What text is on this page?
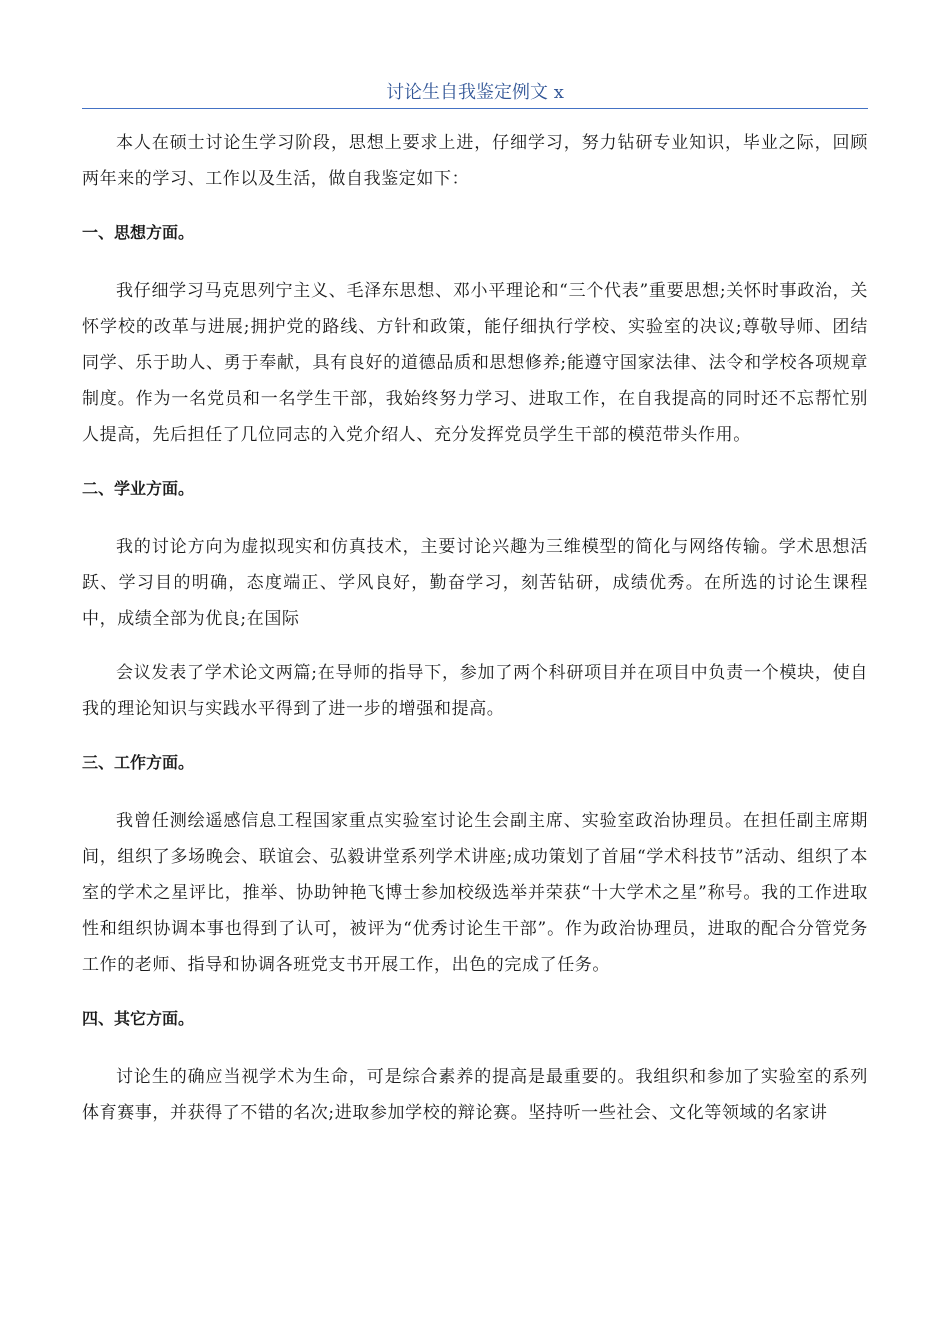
讨论生自我鉴定例文 x

本人在硕士讨论生学习阶段，思想上要求上进，仔细学习，努力钻研专业知识，毕业之际，回顾两年来的学习、工作以及生活，做自我鉴定如下：

一、思想方面。

我仔细学习马克思列宁主义、毛泽东思想、邓小平理论和“三个代表”重要思想;关怀时事政治，关怀学校的改革与进展;拥护党的路线、方针和政策，能仔细执行学校、实验室的决议;尊敬导师、团结同学、乐于助人、勇于奉献，具有良好的道德品质和思想修养;能遵守国家法律、法令和学校各项规章制度。作为一名党员和一名学生干部，我始终努力学习、进取工作，在自我提高的同时还不忘帮忙别人提高，先后担任了几位同志的入党介绍人、充分发挥党员学生干部的模范带头作用。

二、学业方面。

我的讨论方向为虚拟现实和仿真技术，主要讨论兴趣为三维模型的简化与网络传输。学术思想活跃、学习目的明确，态度端正、学风良好，勤奋学习，刻苦钻研，成绩优秀。在所选的讨论生课程中，成绩全部为优良;在国际

会议发表了学术论文两篇;在导师的指导下，参加了两个科研项目并在项目中负责一个模块，使自我的理论知识与实践水平得到了进一步的增强和提高。

三、工作方面。

我曾任测绘遥感信息工程国家重点实验室讨论生会副主席、实验室政治协理员。在担任副主席期间，组织了多场晚会、联谊会、弘毅讲堂系列学术讲座;成功策划了首届“学术科技节”活动、组织了本室的学术之星评比，推举、协助钟艳飞博士参加校级选举并荣获“十大学术之星”称号。我的工作进取性和组织协调本事也得到了认可，被评为“优秀讨论生干部”。作为政治协理员，进取的配合分管党务工作的老师、指导和协调各班党支书开展工作，出色的完成了任务。

四、其它方面。

讨论生的确应当视学术为生命，可是综合素养的提高是最重要的。我组织和参加了实验室的系列体育赛事，并获得了不错的名次;进取参加学校的辩论赛。坚持听一些社会、文化等领域的名家讲
